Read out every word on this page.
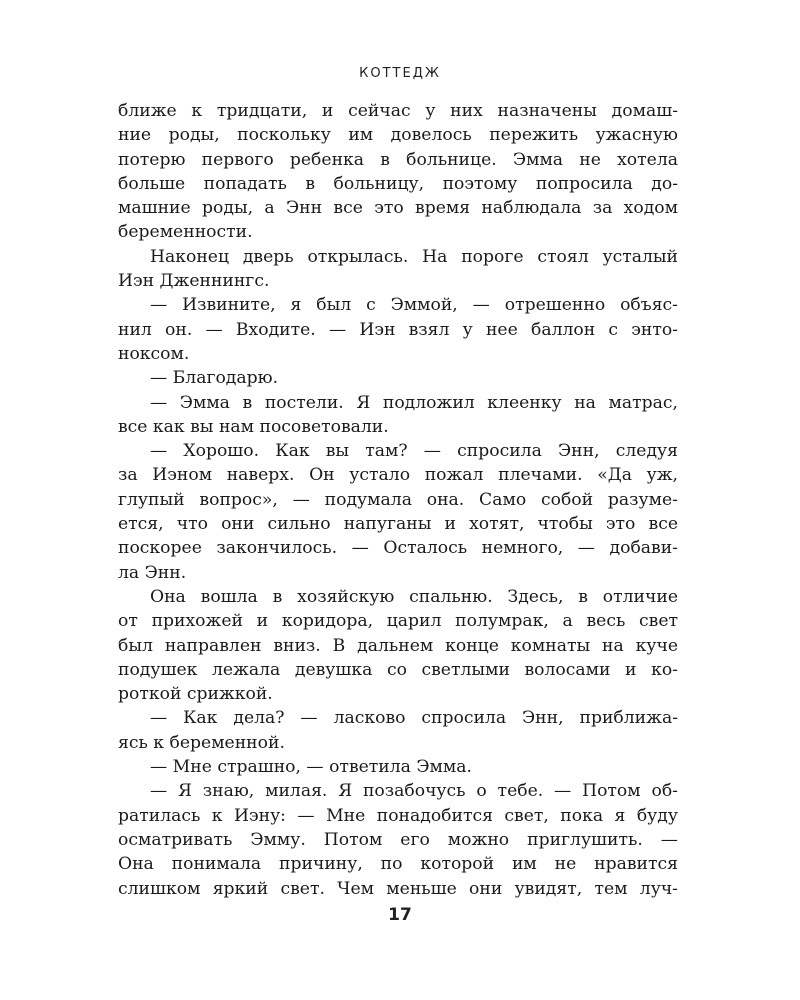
КОТТЕДЖ
ближе к тридцати, и сейчас у них назначены домаш-
ние роды, поскольку им довелось пережить ужасную
потерю первого ребенка в больнице. Эмма не хотела
больше попадать в больницу, поэтому попросила до-
машние роды, а Энн все это время наблюдала за ходом
беременности.
Наконец дверь открылась. На пороге стоял усталый
Иэн Дженнингс.
— Извините, я был с Эммой, — отрешенно объяс-
нил он. — Входите. — Иэн взял у нее баллон с энто-
ноксом.
— Благодарю.
— Эмма в постели. Я подложил клеенку на матрас,
все как вы нам посоветовали.
— Хорошо. Как вы там? — спросила Энн, следуя
за Иэном наверх. Он устало пожал плечами. «Да уж,
глупый вопрос», — подумала она. Само собой разуме-
ется, что они сильно напуганы и хотят, чтобы это все
поскорее закончилось. — Осталось немного, — добави-
ла Энн.
Она вошла в хозяйскую спальню. Здесь, в отличие
от прихожей и коридора, царил полумрак, а весь свет
был направлен вниз. В дальнем конце комнаты на куче
подушек лежала девушка со светлыми волосами и ко-
роткой срижкой.
— Как дела? — ласково спросила Энн, приближа-
ясь к беременной.
— Мне страшно, — ответила Эмма.
— Я знаю, милая. Я позабочусь о тебе. — Потом об-
ратилась к Иэну: — Мне понадобится свет, пока я буду
осматривать Эмму. Потом его можно приглушить. —
Она понимала причину, по которой им не нравится
слишком яркий свет. Чем меньше они увидят, тем луч-
17
